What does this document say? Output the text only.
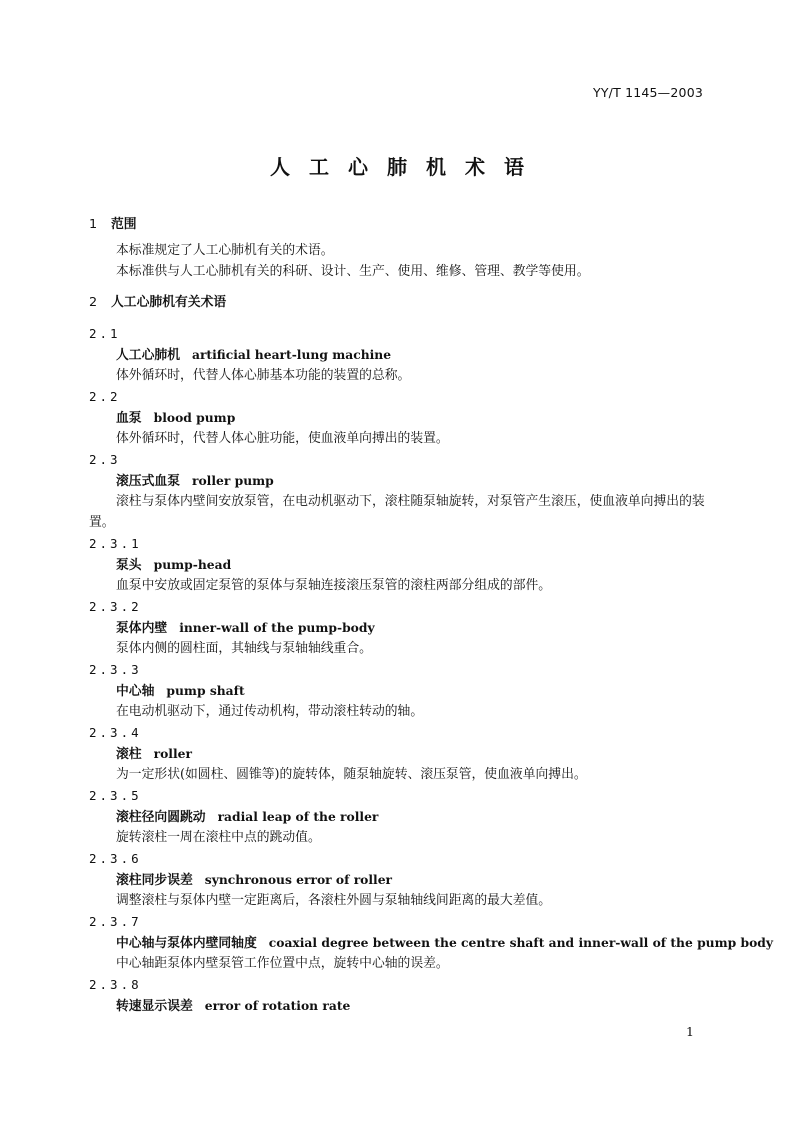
YY/T 1145—2003
人工心肺机术语

1 范围

本标准规定了人工心肺机有关的术语。

本标准供与人工心肺机有关的科研、设计、生产、使用、维修、管理、教学等使用。

2 人工心肺机有关术语

2.1

人工心肺机 artificial heart-lung machine

体外循环时，代替人体心肺基本功能的装置的总称。

2.2

血泵 blood pump

体外循环时，代替人体心脏功能，使血液单向搏出的装置。

2.3

滚压式血泵 roller pump

滚柱与泵体内壁间安放泵管，在电动机驱动下，滚柱随泵轴旋转，对泵管产生滚压，使血液单向搏出的装置。

2.3.1

泵头 pump-head

血泵中安放或固定泵管的泵体与泵轴连接滚压泵管的滚柱两部分组成的部件。

2.3.2

泵体内壁 inner-wall of the pump-body

泵体内侧的圆柱面，其轴线与泵轴轴线重合。

2.3.3

中心轴 pump shaft

在电动机驱动下，通过传动机构，带动滚柱转动的轴。

2.3.4

滚柱 roller

为一定形状(如圆柱、圆锥等)的旋转体，随泵轴旋转、滚压泵管，使血液单向搏出。

2.3.5

滚柱径向圆跳动 radial leap of the roller

旋转滚柱一周在滚柱中点的跳动值。

2.3.6

滚柱同步误差 synchronous error of roller

调整滚柱与泵体内壁一定距离后，各滚柱外圆与泵轴轴线间距离的最大差值。

2.3.7

中心轴与泵体内壁同轴度 coaxial degree between the centre shaft and inner-wall of the pump body

中心轴距泵体内壁泵管工作位置中点，旋转中心轴的误差。

2.3.8

转速显示误差 error of rotation rate

1
